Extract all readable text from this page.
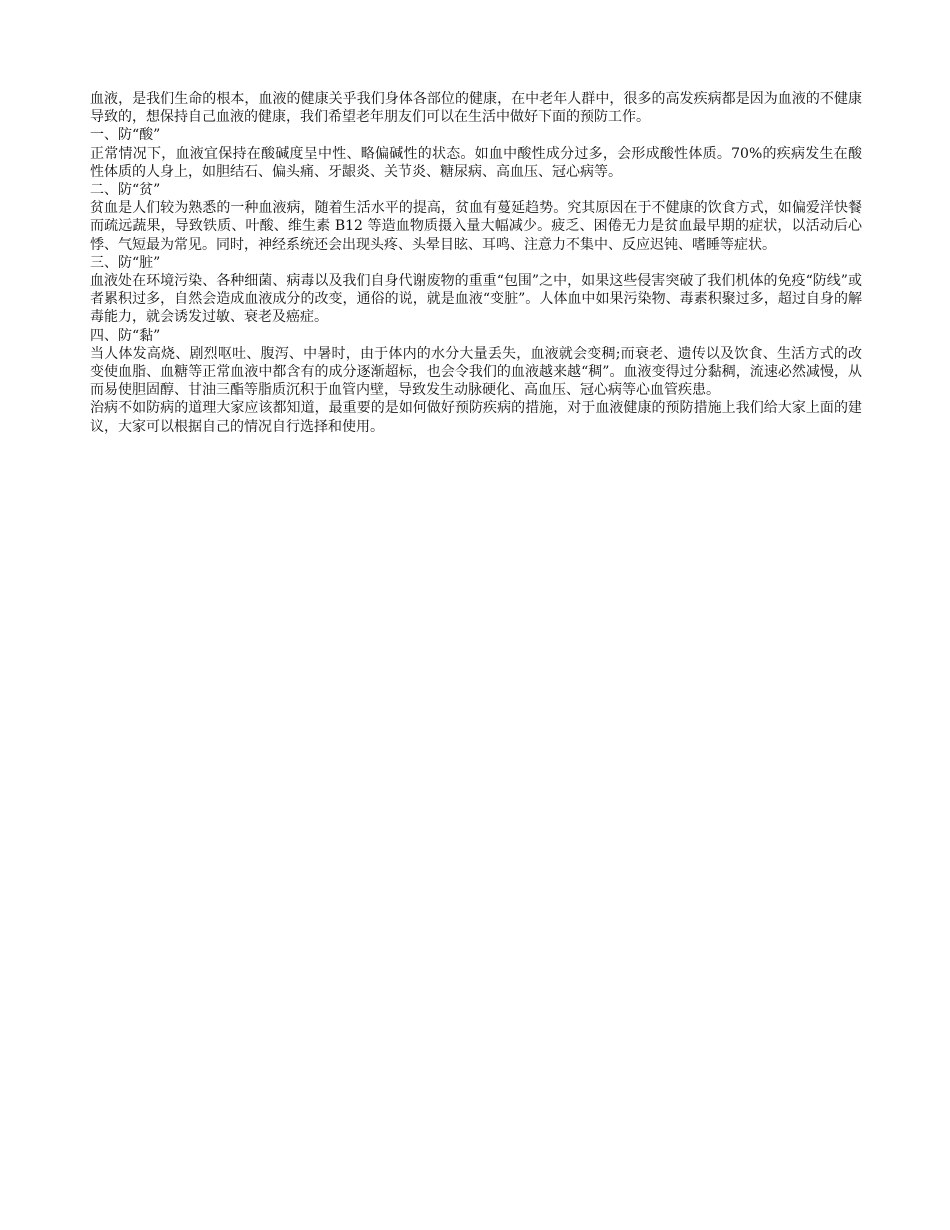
血液，是我们生命的根本，血液的健康关乎我们身体各部位的健康，在中老年人群中，很多的高发疾病都是因为血液的不健康导致的，想保持自己血液的健康，我们希望老年朋友们可以在生活中做好下面的预防工作。

一、防“酸”

正常情况下，血液宜保持在酸碱度呈中性、略偏碱性的状态。如血中酸性成分过多，会形成酸性体质。70%的疾病发生在酸性体质的人身上，如胆结石、偏头痛、牙龈炎、关节炎、糖尿病、高血压、冠心病等。

二、防“贫”

贫血是人们较为熟悉的一种血液病，随着生活水平的提高，贫血有蔓延趋势。究其原因在于不健康的饮食方式，如偏爱洋快餐而疏远蔬果，导致铁质、叶酸、维生素 B12 等造血物质摄入量大幅减少。疲乏、困倦无力是贫血最早期的症状，以活动后心悸、气短最为常见。同时，神经系统还会出现头疼、头晕目眩、耳鸣、注意力不集中、反应迟钝、嗜睡等症状。

三、防“脏”

血液处在环境污染、各种细菌、病毒以及我们自身代谢废物的重重“包围”之中，如果这些侵害突破了我们机体的免疫“防线”或者累积过多，自然会造成血液成分的改变，通俗的说，就是血液“变脏”。人体血中如果污染物、毒素积聚过多，超过自身的解毒能力，就会诱发过敏、衰老及癌症。

四、防“黏”

当人体发高烧、剧烈呕吐、腹泻、中暑时，由于体内的水分大量丢失，血液就会变稠;而衰老、遗传以及饮食、生活方式的改变使血脂、血糖等正常血液中都含有的成分逐渐超标，也会令我们的血液越来越“稠”。血液变得过分黏稠，流速必然减慢，从而易使胆固醇、甘油三酯等脂质沉积于血管内壁，导致发生动脉硬化、高血压、冠心病等心血管疾患。

治病不如防病的道理大家应该都知道，最重要的是如何做好预防疾病的措施，对于血液健康的预防措施上我们给大家上面的建议，大家可以根据自己的情况自行选择和使用。
